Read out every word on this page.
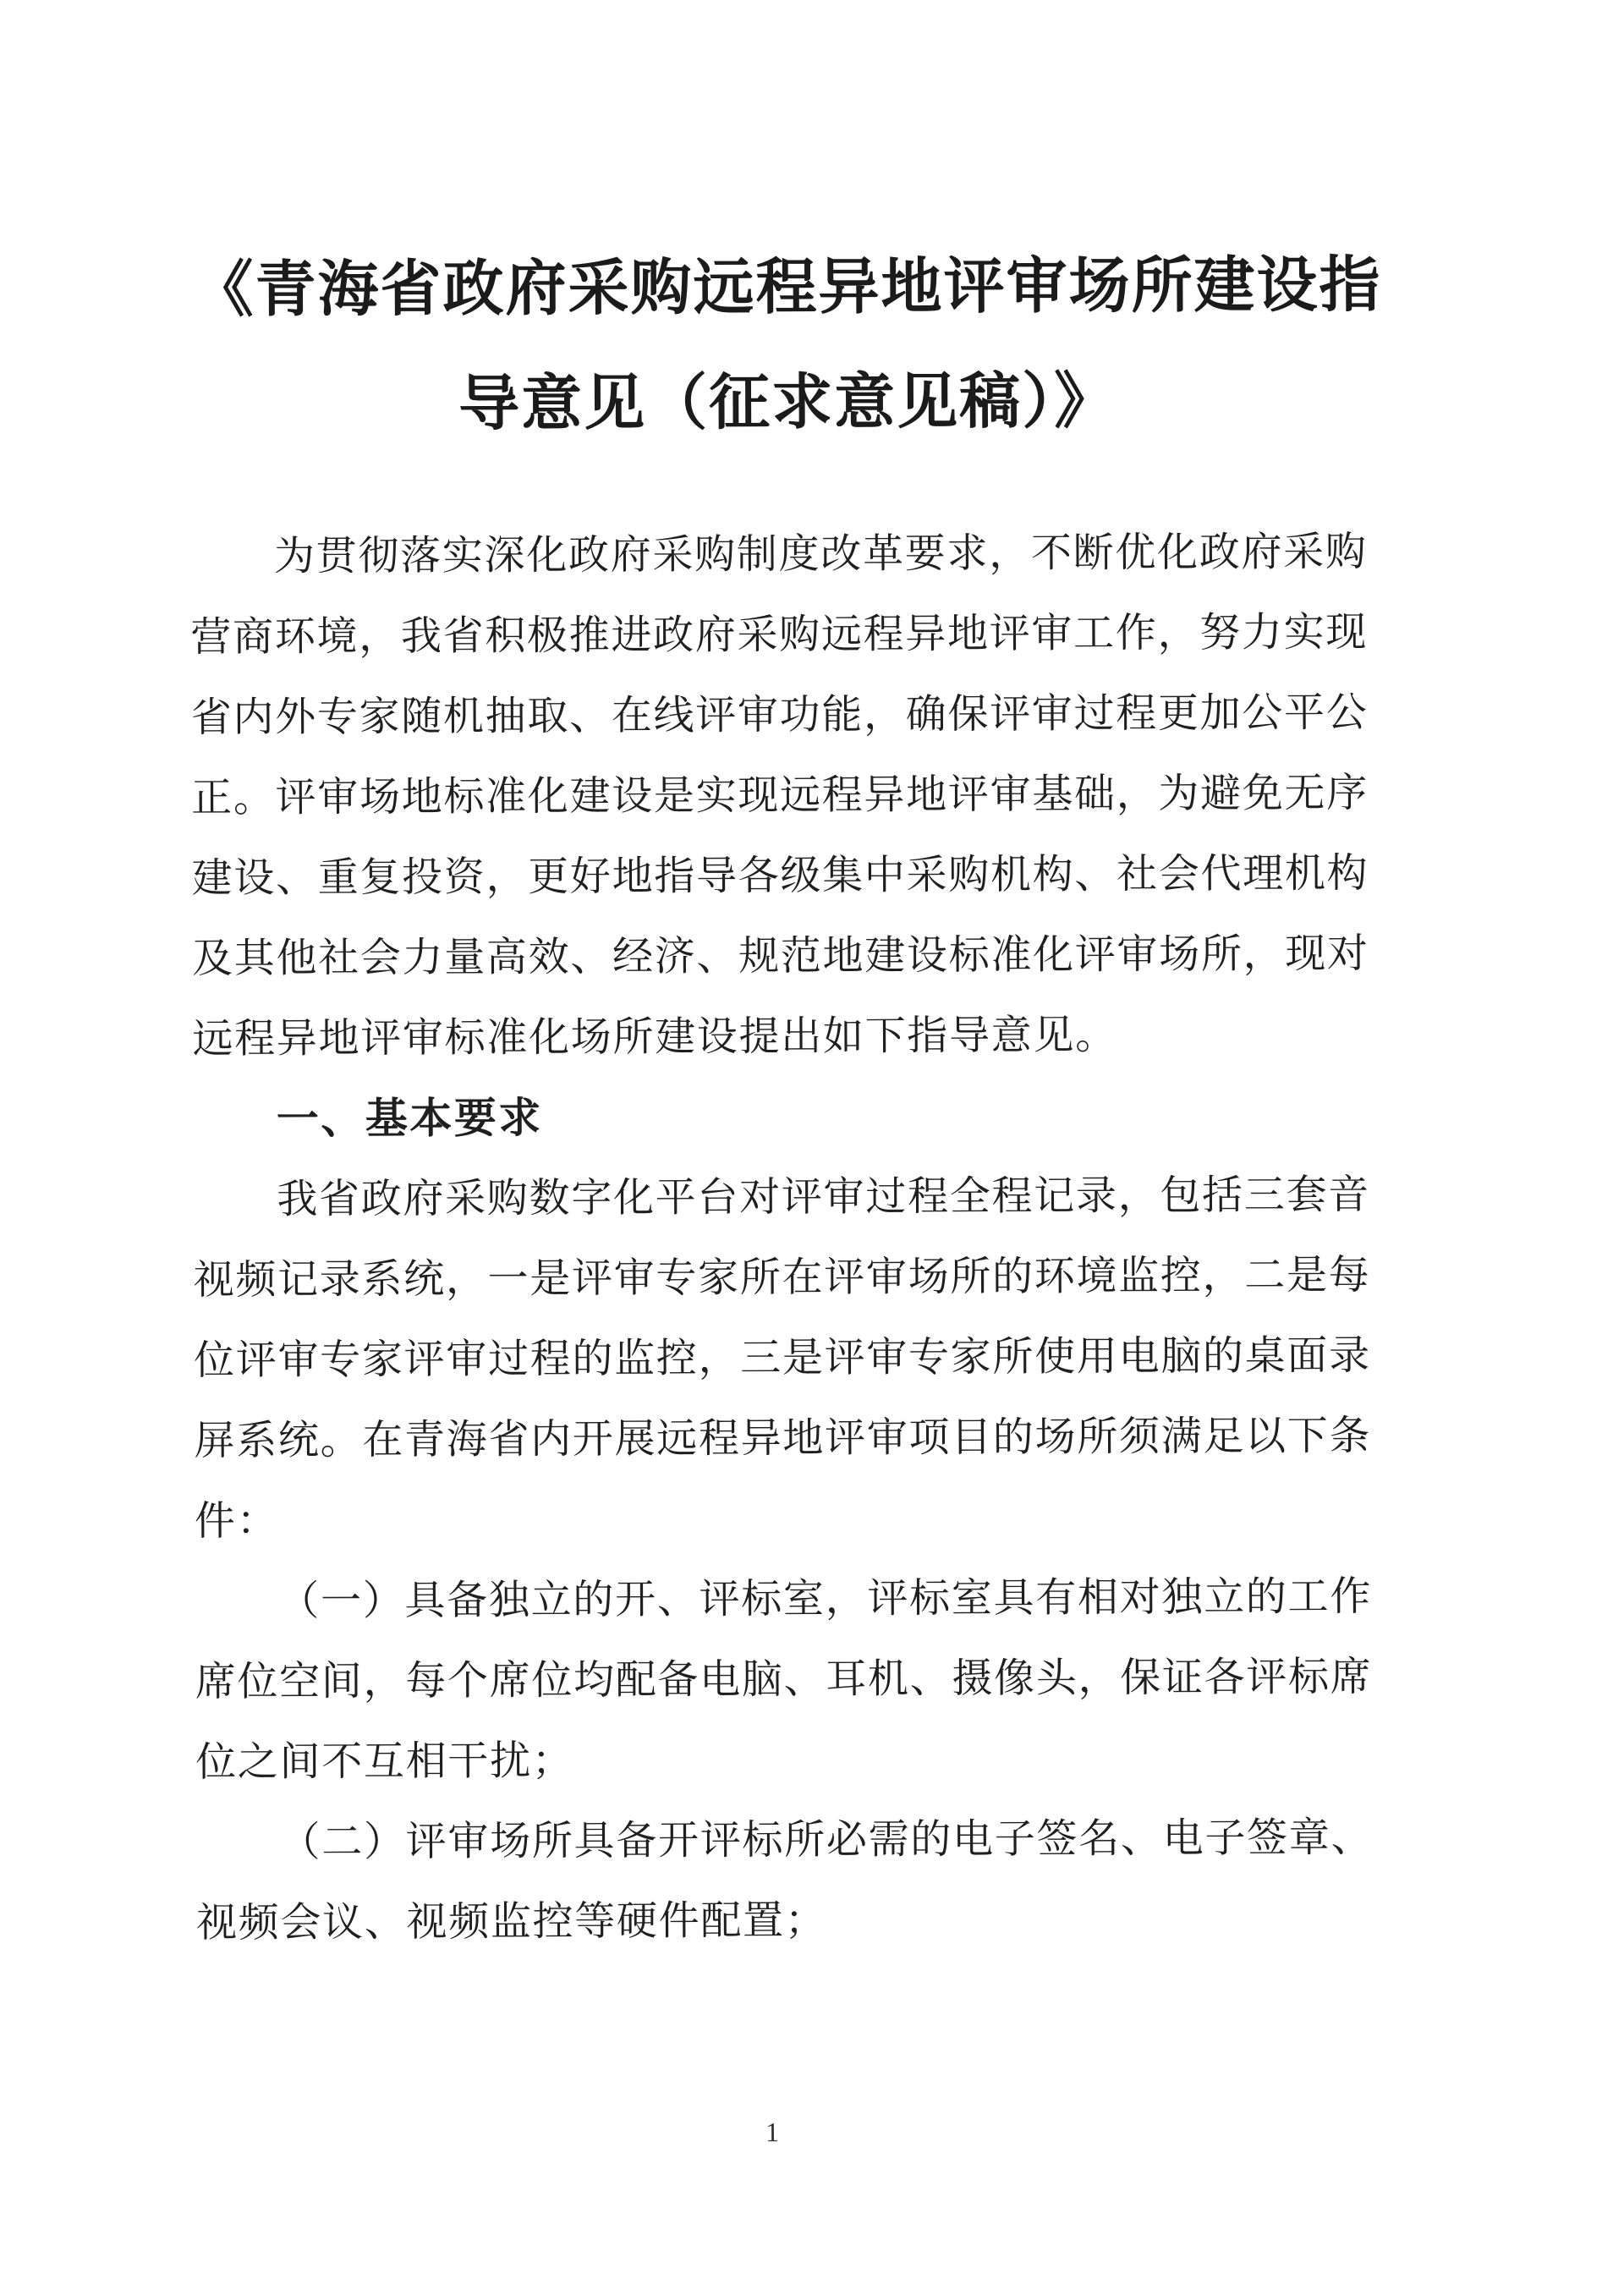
《青海省政府采购远程异地评审场所建设指
导意见（征求意见稿）》
为 贯 彻 落 实 深 化 政 府 采 购 制 度 改 革 要 求 ， 不 断 优 化 政 府 采 购
营 商 环 境 ， 我 省 积 极 推 进 政 府 采 购 远 程 异 地 评 审 工 作 ， 努 力 实 现
省 内 外 专 家 随 机 抽 取 、 在 线 评 审 功 能 ， 确 保 评 审 过 程 更 加 公 平 公
正 。 评 审 场 地 标 准 化 建 设 是 实 现 远 程 异 地 评 审 基 础 ， 为 避 免 无 序
建 设 、 重 复 投 资 ， 更 好 地 指 导 各 级 集 中 采 购 机 构 、 社 会 代 理 机 构
及 其 他 社 会 力 量 高 效 、 经 济 、 规 范 地 建 设 标 准 化 评 审 场 所 ， 现 对
远程异地评审标准化场所建设提出如下指导意见。
一、基本要求
我 省 政 府 采 购 数 字 化 平 台 对 评 审 过 程 全 程 记 录 ， 包 括 三 套 音
视 频 记 录 系 统 ， 一 是 评 审 专 家 所 在 评 审 场 所 的 环 境 监 控 ， 二 是 每
位 评 审 专 家 评 审 过 程 的 监 控 ， 三 是 评 审 专 家 所 使 用 电 脑 的 桌 面 录
屏 系 统 。 在 青 海 省 内 开 展 远 程 异 地 评 审 项 目 的 场 所 须 满 足 以 下 条
件：
（ 一 ） 具 备 独 立 的 开 、 评 标 室 ， 评 标 室 具 有 相 对 独 立 的 工 作
席 位 空 间 ， 每 个 席 位 均 配 备 电 脑 、 耳 机 、 摄 像 头 ， 保 证 各 评 标 席
位之间不互相干扰；
（ 二 ） 评 审 场 所 具 备 开 评 标 所 必 需 的 电 子 签 名 、 电 子 签 章 、
视频会议、视频监控等硬件配置；
1
